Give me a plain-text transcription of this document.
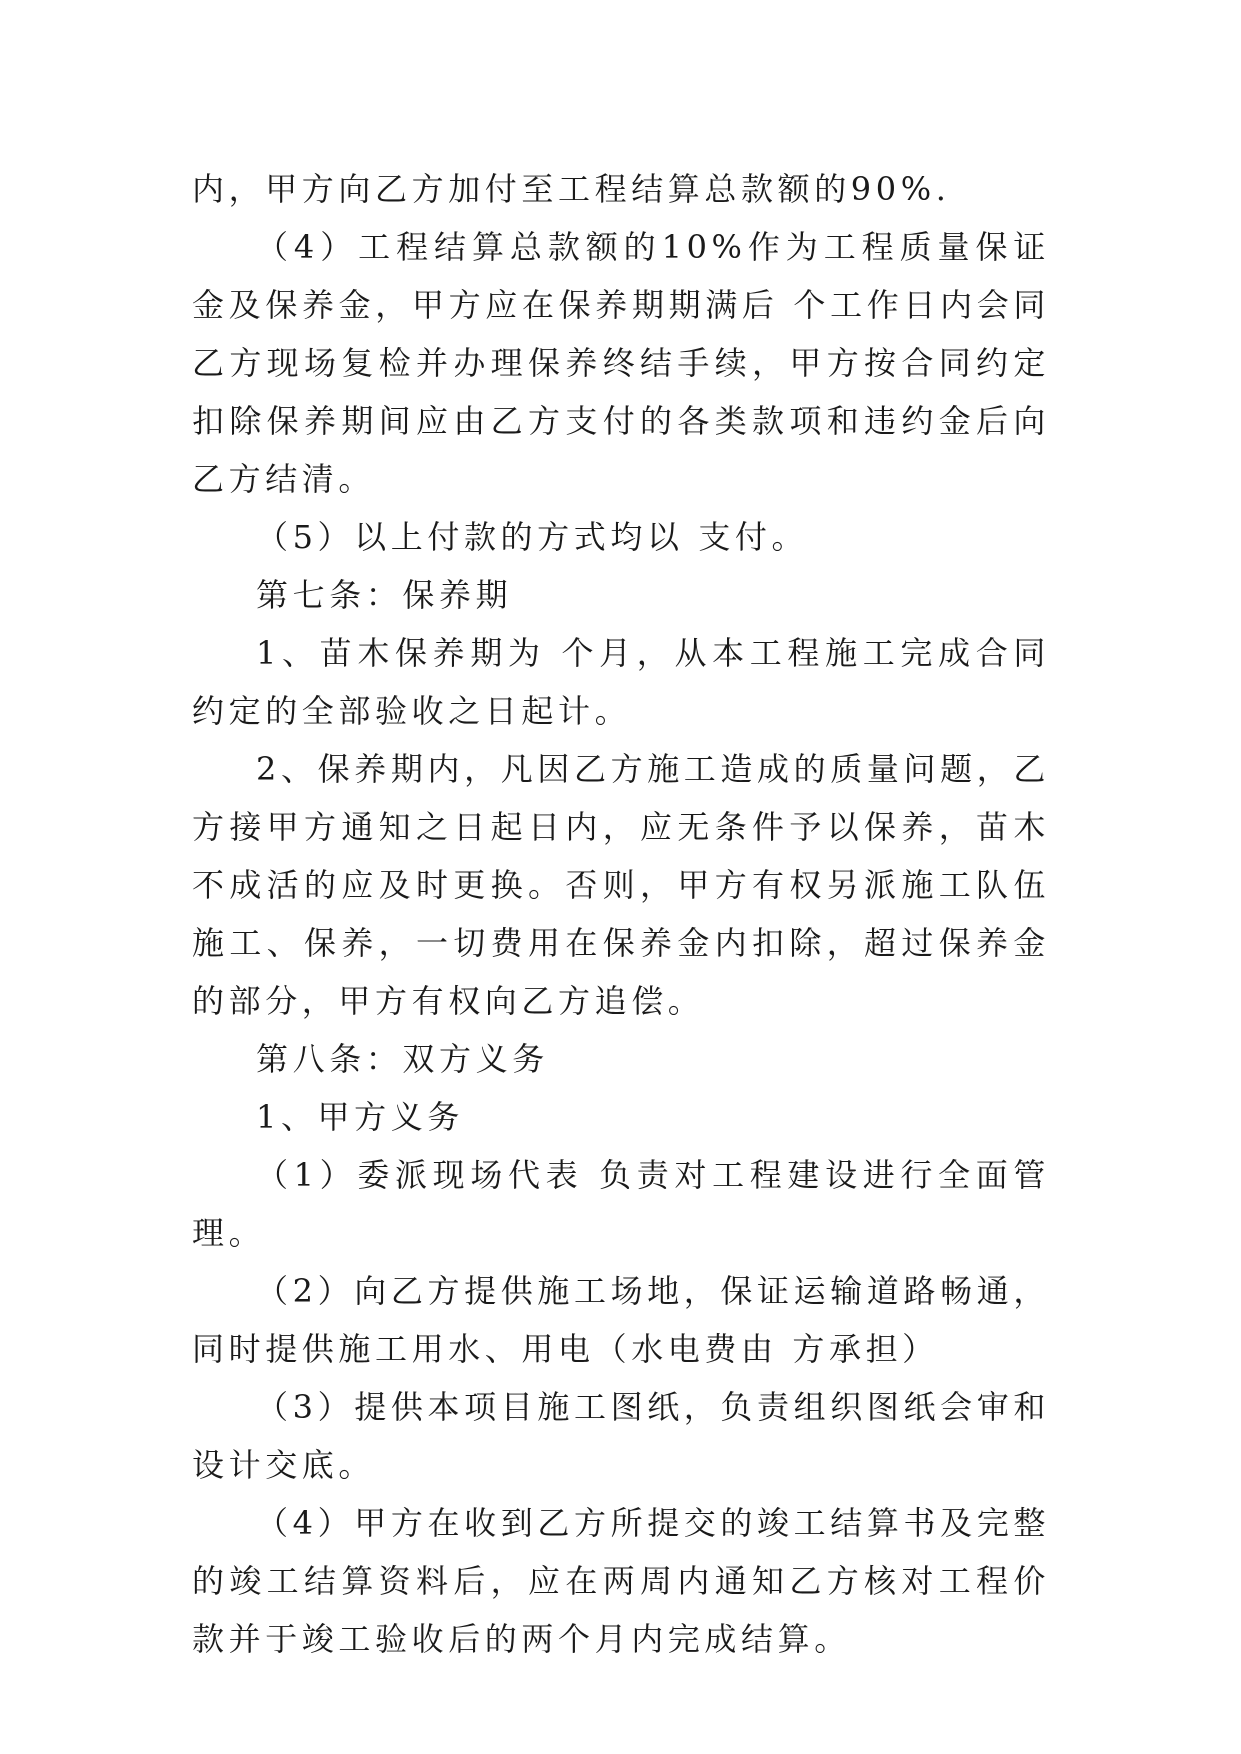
内，甲方向乙方加付至工程结算总款额的90%.

（4）工程结算总款额的10%作为工程质量保证金及保养金，甲方应在保养期期满后 个工作日内会同乙方现场复检并办理保养终结手续，甲方按合同约定扣除保养期间应由乙方支付的各类款项和违约金后向乙方结清。

（5）以上付款的方式均以 支付。

第七条：保养期

1、苗木保养期为 个月，从本工程施工完成合同约定的全部验收之日起计。

2、保养期内，凡因乙方施工造成的质量问题，乙方接甲方通知之日起日内，应无条件予以保养，苗木不成活的应及时更换。否则，甲方有权另派施工队伍施工、保养，一切费用在保养金内扣除，超过保养金的部分，甲方有权向乙方追偿。

第八条：双方义务

1、甲方义务

（1）委派现场代表 负责对工程建设进行全面管理。

（2）向乙方提供施工场地，保证运输道路畅通，同时提供施工用水、用电（水电费由 方承担）

（3）提供本项目施工图纸，负责组织图纸会审和设计交底。

（4）甲方在收到乙方所提交的竣工结算书及完整的竣工结算资料后，应在两周内通知乙方核对工程价款并于竣工验收后的两个月内完成结算。
